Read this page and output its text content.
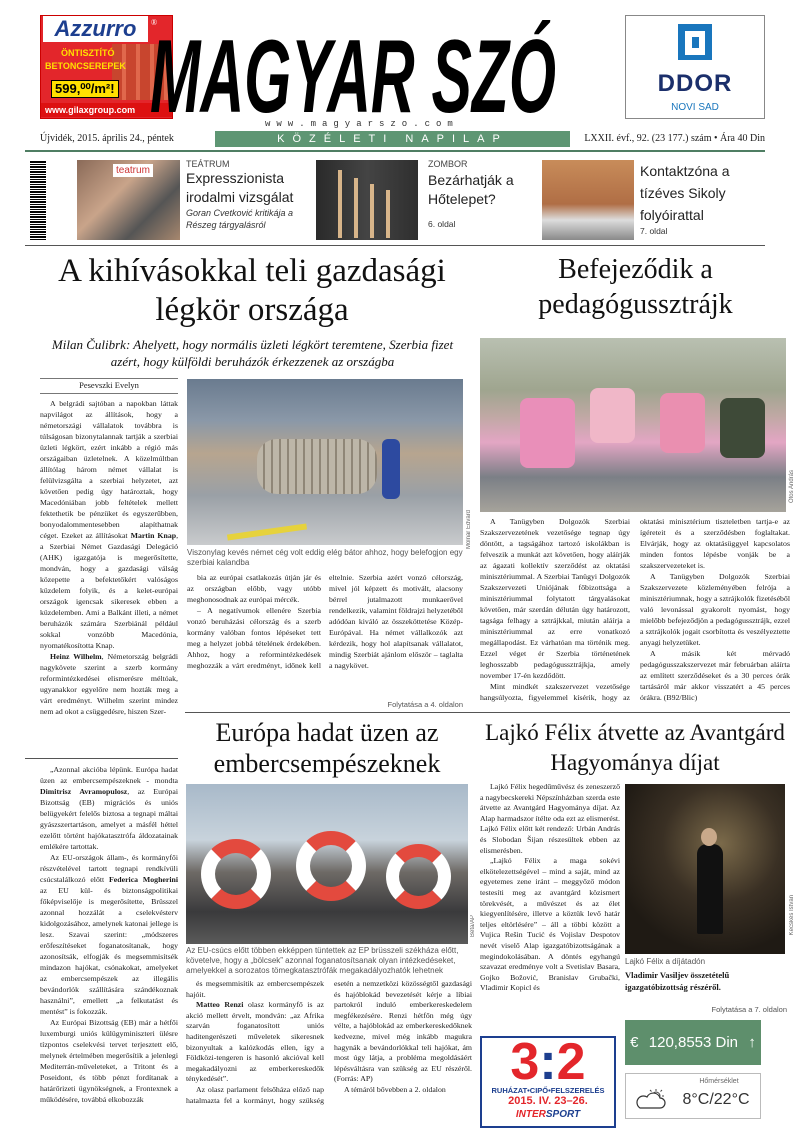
Azzurro	®
ÖNTISZTÍTÓ
BETONCSEREPEK
599,⁰⁰/m²!
www.gilaxgroup.com MAGYAR SZÓ	DDOR
NOVI SAD
www.magyarszo.com
Újvidék, 2015. április 24., péntek	KÖZÉLETI NAPILAP	LXXII. évf., 92. (23 177.) szám • Ára 40 Din
teatrum
TEÁTRUM
Expresszionista irodalmi vizsgálat
Goran Cvetković kritikája a Részeg tárgyalásról
ZOMBOR
Bezárhatják a Hőtelepet?
6. oldal
Kontaktzóna a tízéves Sikoly folyóirattal
7. oldal
A kihívásokkal teli gazdasági légkör országa
Milan Čulibrk: Ahelyett, hogy normális üzleti légkört teremtene, Szerbia fizet azért, hogy külföldi beruházók érkezzenek az országba
Pesevszki Evelyn

A belgrádi sajtóban a napokban láttak napvilágot az állítások, hogy a németországi vállalatok továbbra is túlságosan bizonytalannak tartják a szerbiai üzleti légkört, ezért inkább a régió más országaiban üzletelnek. A közelmúltban állítólag három német vállalat is felülvizsgálta a szerbiai helyzetet, azt követően pedig úgy határoztak, hogy Macedóniában jobb feltételek mellett fektethetik be pénzüket és egyszerűbben, bonyodalommentesebben alapíthatnak céget. Ezeket az állításokat Martin Knap, a Szerbiai Német Gazdasági Delegáció (AHK) igazgatója is megerősítette, mondván, hogy a gazdasági válság közepette a befektetőkért valóságos küzdelem folyik, és a kelet-európai országok igencsak sikeresek ebben a küzdelemben. Ami a Balkánt illeti, a német beruházók számára Szerbiánál például sokkal vonzóbb Macedónia, nyomatékosította Knap.

Heinz Wilhelm, Németország belgrádi nagykövete szerint a szerb kormány reformintézkedései elismerésre méltóak, ugyanakkor egyelőre nem hozták meg a várt eredményt. Wilhelm szerint mindez nem ad okot a csüggedésre, hiszen Szer-

Molnár Edvárd
Viszonylag kevés német cég volt eddig elég bátor ahhoz, hogy belefogjon egy szerbiai kalandba

bia az európai csatlakozás útján jár és az országban előbb, vagy utóbb meghonosodnak az európai mércék.

– A negatívumok ellenére Szerbia vonzó beruházási célország és a szerb kormány valóban fontos lépéseket tett meg a helyzet jobbá tételének érdekében. Ahhoz, hogy a reformintézkedések meghozzák a várt eredményt, időnek kell eltelnie. Szerbia azért vonzó célország, mivel jól képzett és motivált, alacsony bérrel jutalmazott munkaerővel rendelkezik, valamint földrajzi helyzetéből adódóan kiváló az összeköttetése Közép-Európával. Ha német vállalkozók azt kérdezik, hogy hol alapítsanak vállalatot, mindig Szerbiát ajánlom először – taglalta a nagykövet.

Folytatása a 4. oldalon
Befejeződik a pedagógussztrájk
Ótos András

A Tanügyben Dolgozók Szerbiai Szakszervezetének vezetősége tegnap úgy döntött, a tagságához tartozó iskolákban is felveszik a munkát azt követően, hogy aláírják az ágazati kollektív szerződést az oktatási minisztériummal. A Szerbiai Tanügyi Dolgozók Szakszervezeti Uniójának főbizottsága a minisztériummal folytatott tárgyalásokat követően, már szerdán délután úgy határozott, tagsága felhagy a sztrájkkal, miután aláírja a minisztériummal az erre vonatkozó megállapodást. Ez várhatóan ma történik meg. Ezzel véget ér Szerbia történetének leghosszabb pedagógussztrájkja, amely november 17-én kezdődött.

Mint mindkét szakszervezet vezetősége hangsúlyozta, figyelemmel kísérik, hogy az oktatási minisztérium tiszteletben tartja-e az ígéreteit és a szerződésben foglaltakat. Elvárják, hogy az oktatásüggyel kapcsolatos minden fontos lépésbe vonják be a szakszervezeteket is.

A Tanügyben Dolgozók Szerbiai Szakszervezete közleményében felrója a minisztériumnak, hogy a sztrájkolók fizetéséből való levonással gyakorolt nyomást, hogy mielőbb befejeződjön a pedagógussztrájk, ezzel a sztrájkolók jogait csorbította és veszélyeztette anyagi helyzetüket.

A másik két mérvadó pedagógusszakszervezet már februárban aláírta az említett szerződéseket és a 30 perces órák tartásáról már akkor visszatért a 45 perces órákra. (B92/Blic)

Európa hadat üzen az embercsempészeknek

„Azonnal akcióba lépünk. Európa hadat üzen az embercsempészeknek - mondta Dimitrisz Avramopulosz, az Európai Bizottság (EB) migrációs és uniós belügyekért felelős biztosa a tegnapi máltai gyászszertartáson, amelyet a másfél héttel ezelőtt történt hajókatasztrófa áldozatainak emlékére tartottak.

Az EU-országok állam-, és kormányfői részvételével tartott tegnapi rendkívüli csúcstalálkozó előtt Federica Mogherini az EU kül- és biztonságpolitikai főképviselője is megerősítette, Brüsszel azonnal hozzálát a cselekvésterv kidolgozásához, amelynek katonai jellege is lesz. Szavai szerint: „módszeres erőfeszítéseket foganatosítanak, hogy azonosítsák, elfogják és megsemmisítsék mindazon hajókat, csónakokat, amelyeket az embercsempészek az illegális bevándorlók szállítására szándékoznak használni”, emellett „a felkutatást és mentést” is fokozzák.

Az Európai Bizottság (EB) már a hétfői luxemburgi uniós külügyminiszteri ülésre tízpontos cselekvési tervet terjesztett elő, melynek értelmében megerősítik a jelenlegi Mediterrán-műveleteket, a Tritont és a Poseidont, és több pénzt fordítanak a határőrizeti ügynökségnek, a Frontexnek a működésére, továbbá elkobozzák

Beta/AP
Az EU-csúcs előtt többen ekképpen tüntettek az EP brüsszeli székháza előtt, követelve, hogy a „bölcsek” azonnal foganatosítsanak olyan intézkedéseket, amelyekkel a sorozatos tömegkatasztrófák megakadályozhatók lehetnek

és megsemmisítik az embercsempészek hajóit.

Matteo Renzi olasz kormányfő is az akció mellett érvelt, mondván: „az Afrika szarván foganatosított uniós haditengerészeti műveletek sikeresnek bizonyultak a kalózkodás ellen, így a Földközi-tengeren is hasonló akcióval kell megakadályozni az emberkereskedők ténykedését”.

Az olasz parlament felsőháza előző nap hatalmazta fel a kormányt, hogy szükség esetén a nemzetközi közösségtől gazdasági és hajóblokád bevezetését kérje a líbiai partokról induló emberkereskedelem megfékezésére. Renzi hétfőn még úgy vélte, a hajóblokád az emberkereskedőknek kedvezne, mivel még inkább magukra hagynák a bevándorlókkal teli hajókat, ám most úgy látja, a probléma megoldásáért lépésváltásra van szükség az EU részéről. (Forrás: AP)

A témáról bővebben a 2. oldalon

Lajkó Félix átvette az Avantgárd Hagyománya díjat

Lajkó Félix hegedűművész és zeneszerző a nagybecskereki Népszínházban szerda este átvette az Avantgárd Hagyománya díjat. Az Alap harmadszor ítélte oda ezt az elismerést. Lajkó Félix előtt két rendező: Urbán András és Slobodan Šijan részesültek ebben az elismerésben.

„Lajkó Félix a maga sokévi elkötelezettségével – mind a saját, mind az egyetemes zene iránt – meggyőző módon testesíti meg az avantgárd közismert törekvését, a művészet és az élet kiegyenlítésére, illetve a köztük levő határ teljes eltörlésére” – áll a többi között a Vujica Rešin Tucić és Vojislav Despotov nevét viselő Alap igazgatóbizottságának a megindokolásában. A döntés egyhangú szavazat eredménye volt a Svetislav Basara, Gojko Božović, Branislav Grubački, Vladimir Kopicl és

Kecskés István
Lajkó Félix a díjátadón
Vladimir Vasiljev összetételű igazgatóbizottság részéről.
Folytatása a 7. oldalon
3:2
RUHÁZAT•CIPŐ•FELSZERELÉS
2015. IV. 23–26.
INTERSPORT
€ 120,8553 Din ↑
Hőmérséklet
8°C/22°C
